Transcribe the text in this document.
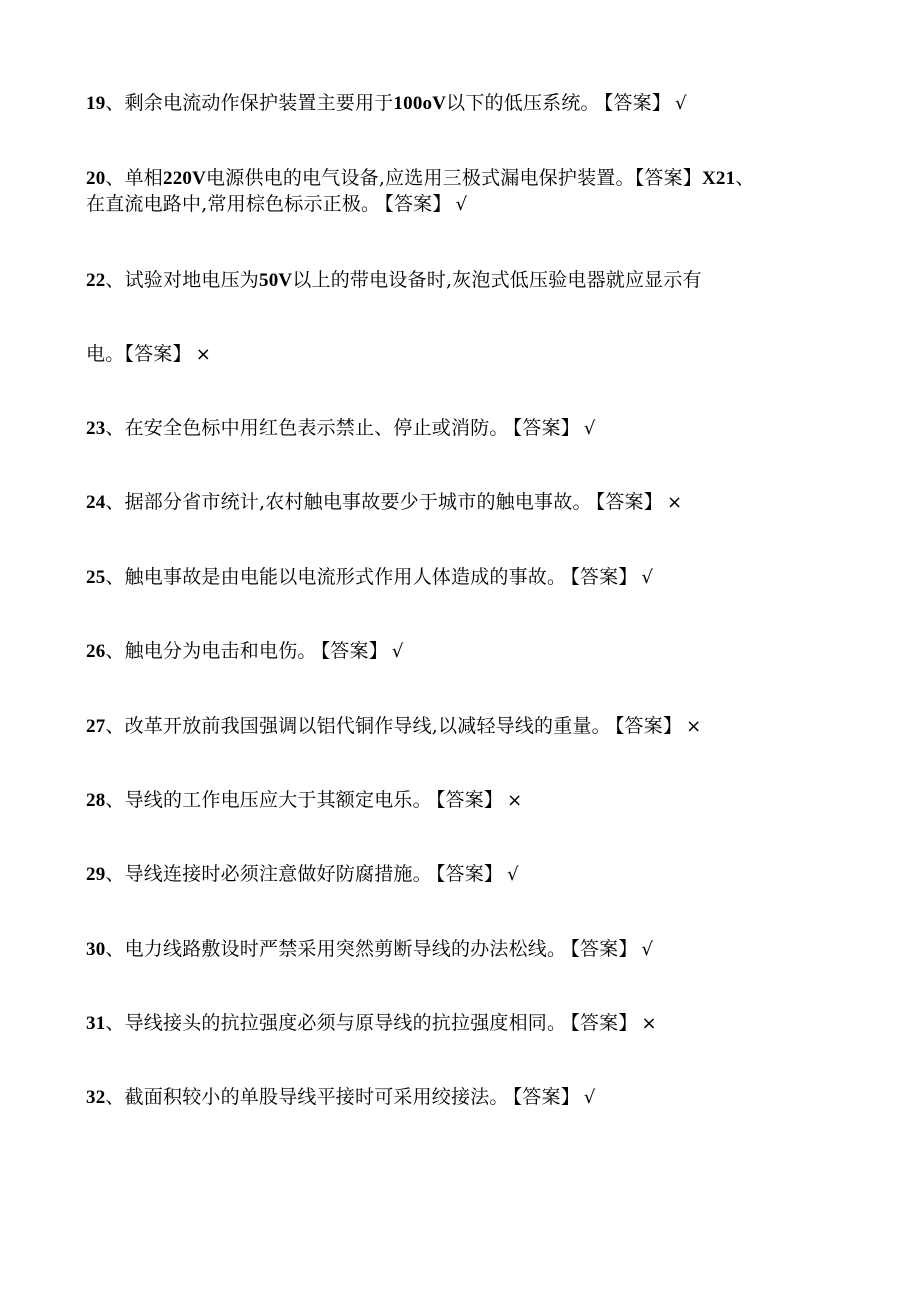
19、剩余电流动作保护装置主要用于100oV以下的低压系统。 【答案】 √
20、单相220V电源供电的电气设备,应选用三极式漏电保护装置。【答案】X21、
在直流电路中,常用棕色标示正极。 【答案】 √
22、试验对地电压为50V以上的带电设备时,灰泡式低压验电器就应显示有
电。【答案】 ×
23、在安全色标中用红色表示禁止、停止或消防。 【答案】 √
24、据部分省市统计,农村触电事故要少于城市的触电事故。 【答案】 ×
25、触电事故是由电能以电流形式作用人体造成的事故。 【答案】 √
26、触电分为电击和电伤。 【答案】 √
27、改革开放前我国强调以铝代铜作导线,以减轻导线的重量。 【答案】 ×
28、导线的工作电压应大于其额定电乐。 【答案】 ×
29、导线连接时必须注意做好防腐措施。 【答案】 √
30、电力线路敷设时严禁采用突然剪断导线的办法松线。 【答案】 √
31、导线接头的抗拉强度必须与原导线的抗拉强度相同。 【答案】 ×
32、截面积较小的单股导线平接时可采用绞接法。 【答案】 √
